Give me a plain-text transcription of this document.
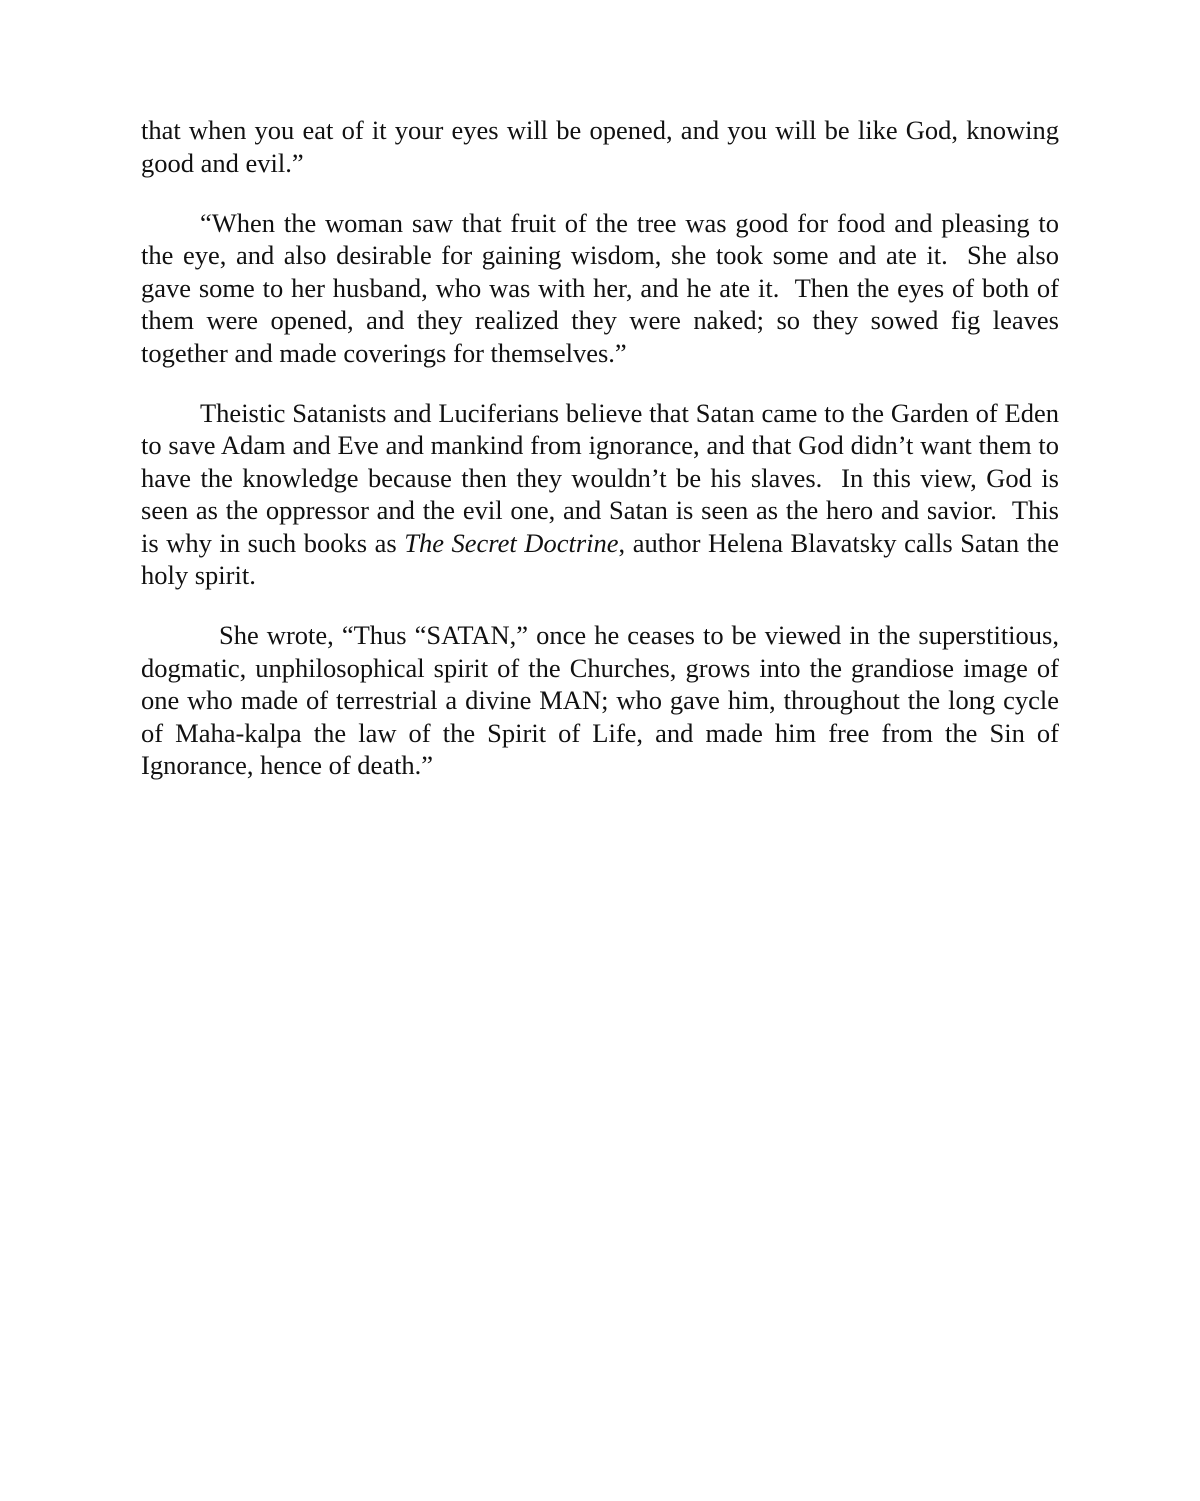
that when you eat of it your eyes will be opened, and you will be like God, knowing good and evil.”

“When the woman saw that fruit of the tree was good for food and pleasing to the eye, and also desirable for gaining wisdom, she took some and ate it.  She also gave some to her husband, who was with her, and he ate it.  Then the eyes of both of them were opened, and they realized they were naked; so they sowed fig leaves together and made coverings for themselves.”

Theistic Satanists and Luciferians believe that Satan came to the Garden of Eden to save Adam and Eve and mankind from ignorance, and that God didn’t want them to have the knowledge because then they wouldn’t be his slaves.  In this view, God is seen as the oppressor and the evil one, and Satan is seen as the hero and savior.  This is why in such books as The Secret Doctrine, author Helena Blavatsky calls Satan the holy spirit.

She wrote, “Thus “SATAN,” once he ceases to be viewed in the superstitious, dogmatic, unphilosophical spirit of the Churches, grows into the grandiose image of one who made of terrestrial a divine MAN; who gave him, throughout the long cycle of Maha-kalpa the law of the Spirit of Life, and made him free from the Sin of Ignorance, hence of death.”
